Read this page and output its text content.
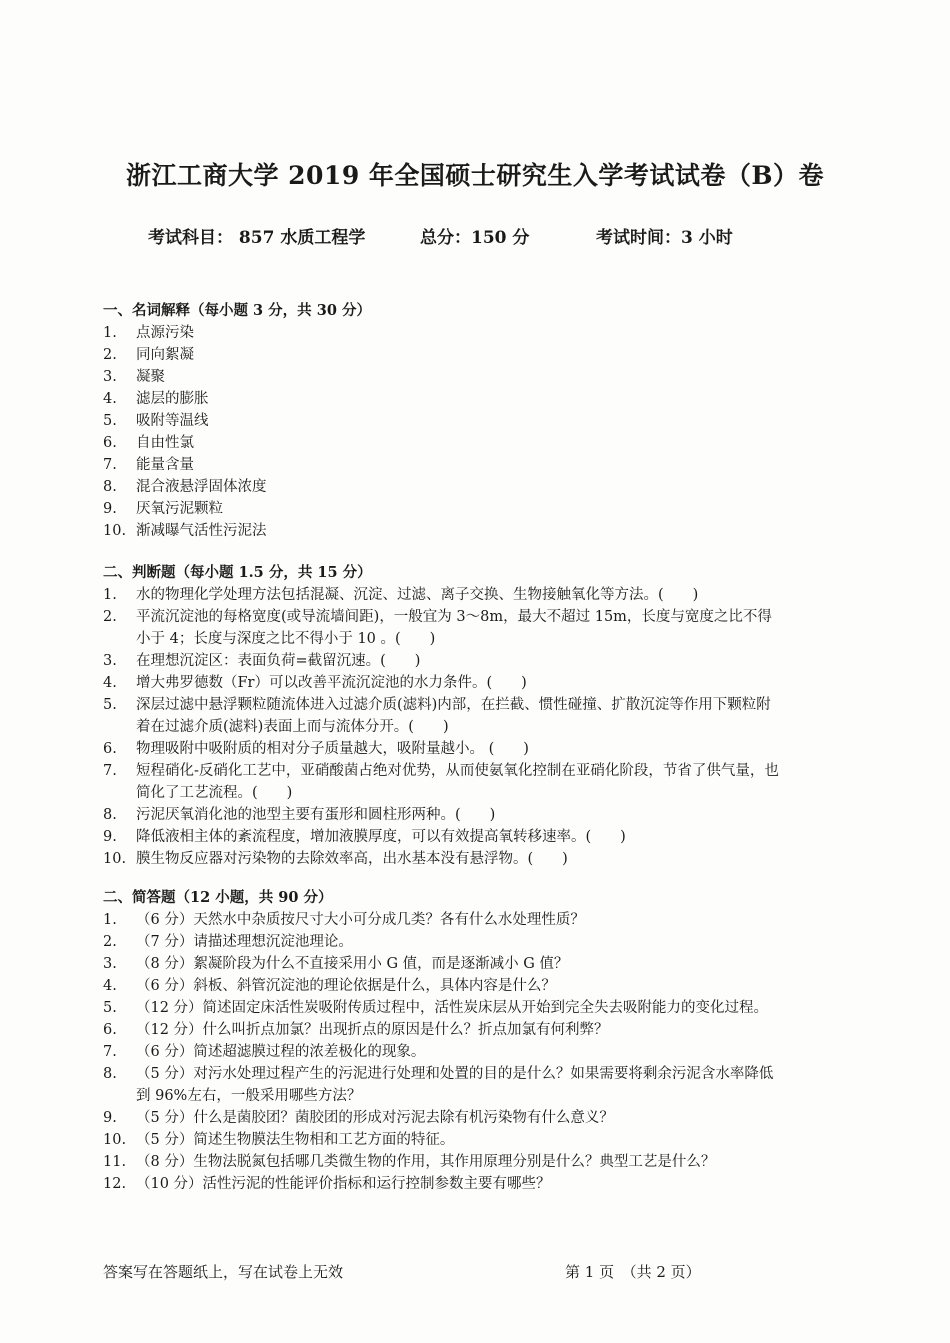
浙江工商大学 2019 年全国硕士研究生入学考试试卷（B）卷
考试科目： 857 水质工程学	总分：150 分	考试时间：3 小时
一、名词解释（每小题 3 分，共 30 分）
1. 点源污染
2. 同向絮凝
3. 凝聚
4. 滤层的膨胀
5. 吸附等温线
6. 自由性氯
7. 能量含量
8. 混合液悬浮固体浓度
9. 厌氧污泥颗粒
10. 渐减曝气活性污泥法
二、判断题（每小题 1.5 分，共 15 分）
1. 水的物理化学处理方法包括混凝、沉淀、过滤、离子交换、生物接触氧化等方法。(　　)
2. 平流沉淀池的每格宽度(或导流墙间距)，一般宜为 3～8m，最大不超过 15m，长度与宽度之比不得小于 4；长度与深度之比不得小于 10 。(　　)
3. 在理想沉淀区：表面负荷=截留沉速。(　　)
4. 增大弗罗德数（Fr）可以改善平流沉淀池的水力条件。(　　)
5. 深层过滤中悬浮颗粒随流体进入过滤介质(滤料)内部，在拦截、惯性碰撞、扩散沉淀等作用下颗粒附着在过滤介质(滤料)表面上而与流体分开。(　　)
6. 物理吸附中吸附质的相对分子质量越大，吸附量越小。 (　　)
7. 短程硝化-反硝化工艺中，亚硝酸菌占绝对优势，从而使氨氧化控制在亚硝化阶段，节省了供气量，也简化了工艺流程。(　　)
8. 污泥厌氧消化池的池型主要有蛋形和圆柱形两种。(　　)
9. 降低液相主体的紊流程度，增加液膜厚度，可以有效提高氧转移速率。(　　)
10. 膜生物反应器对污染物的去除效率高，出水基本没有悬浮物。(　　)
二、简答题（12 小题，共 90 分）
1. （6 分）天然水中杂质按尺寸大小可分成几类？各有什么水处理性质？
2. （7 分）请描述理想沉淀池理论。
3. （8 分）絮凝阶段为什么不直接采用小 G 值，而是逐渐减小 G 值？
4. （6 分）斜板、斜管沉淀池的理论依据是什么，具体内容是什么？
5. （12 分）简述固定床活性炭吸附传质过程中，活性炭床层从开始到完全失去吸附能力的变化过程。
6. （12 分）什么叫折点加氯？出现折点的原因是什么？折点加氯有何利弊？
7. （6 分）简述超滤膜过程的浓差极化的现象。
8. （5 分）对污水处理过程产生的污泥进行处理和处置的目的是什么？如果需要将剩余污泥含水率降低到 96%左右，一般采用哪些方法？
9. （5 分）什么是菌胶团？菌胶团的形成对污泥去除有机污染物有什么意义？
10. （5 分）简述生物膜法生物相和工艺方面的特征。
11. （8 分）生物法脱氮包括哪几类微生物的作用，其作用原理分别是什么？典型工艺是什么？
12. （10 分）活性污泥的性能评价指标和运行控制参数主要有哪些？
答案写在答题纸上，写在试卷上无效	第 1 页　（共 2 页）
